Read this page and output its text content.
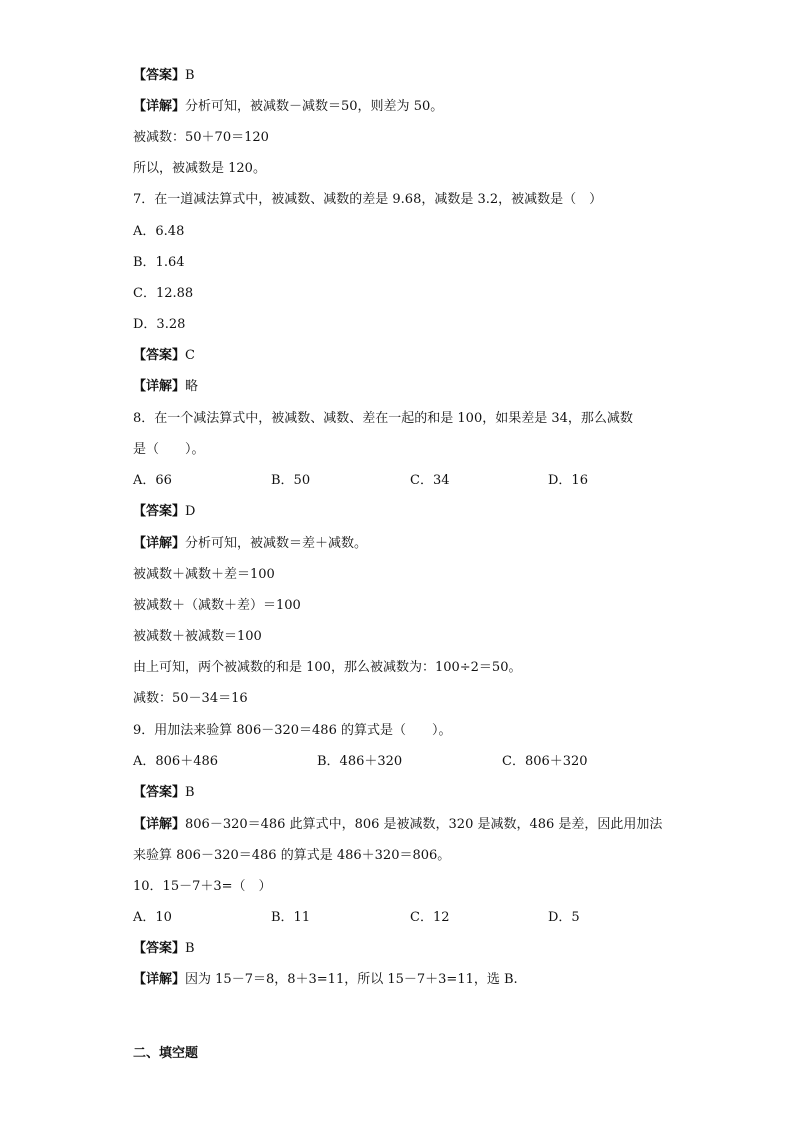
【答案】B
【详解】分析可知，被减数－减数＝50，则差为 50。
被减数：50＋70＝120
所以，被减数是 120。
7．在一道减法算式中，被减数、减数的差是 9.68，减数是 3.2，被减数是（　）
A．6.48
B．1.64
C．12.88
D．3.28
【答案】C
【详解】略
8．在一个减法算式中，被减数、减数、差在一起的和是 100，如果差是 34，那么减数
是（　　）。
A．66	B．50	C．34	D．16
【答案】D
【详解】分析可知，被减数＝差＋减数。
被减数＋减数＋差＝100
被减数＋（减数＋差）＝100
被减数＋被减数＝100
由上可知，两个被减数的和是 100，那么被减数为：100÷2＝50。
减数：50－34＝16
9．用加法来验算 806－320＝486 的算式是（　　）。
A．806＋486	B．486＋320	C．806＋320
【答案】B
【详解】806－320＝486 此算式中，806 是被减数，320 是减数，486 是差，因此用加法
来验算 806－320＝486 的算式是 486＋320＝806。
10．15－7＋3=（　）
A．10	B．11	C．12	D．5
【答案】B
【详解】因为 15－7＝8，8＋3=11，所以 15－7＋3=11，选 B.
二、填空题
